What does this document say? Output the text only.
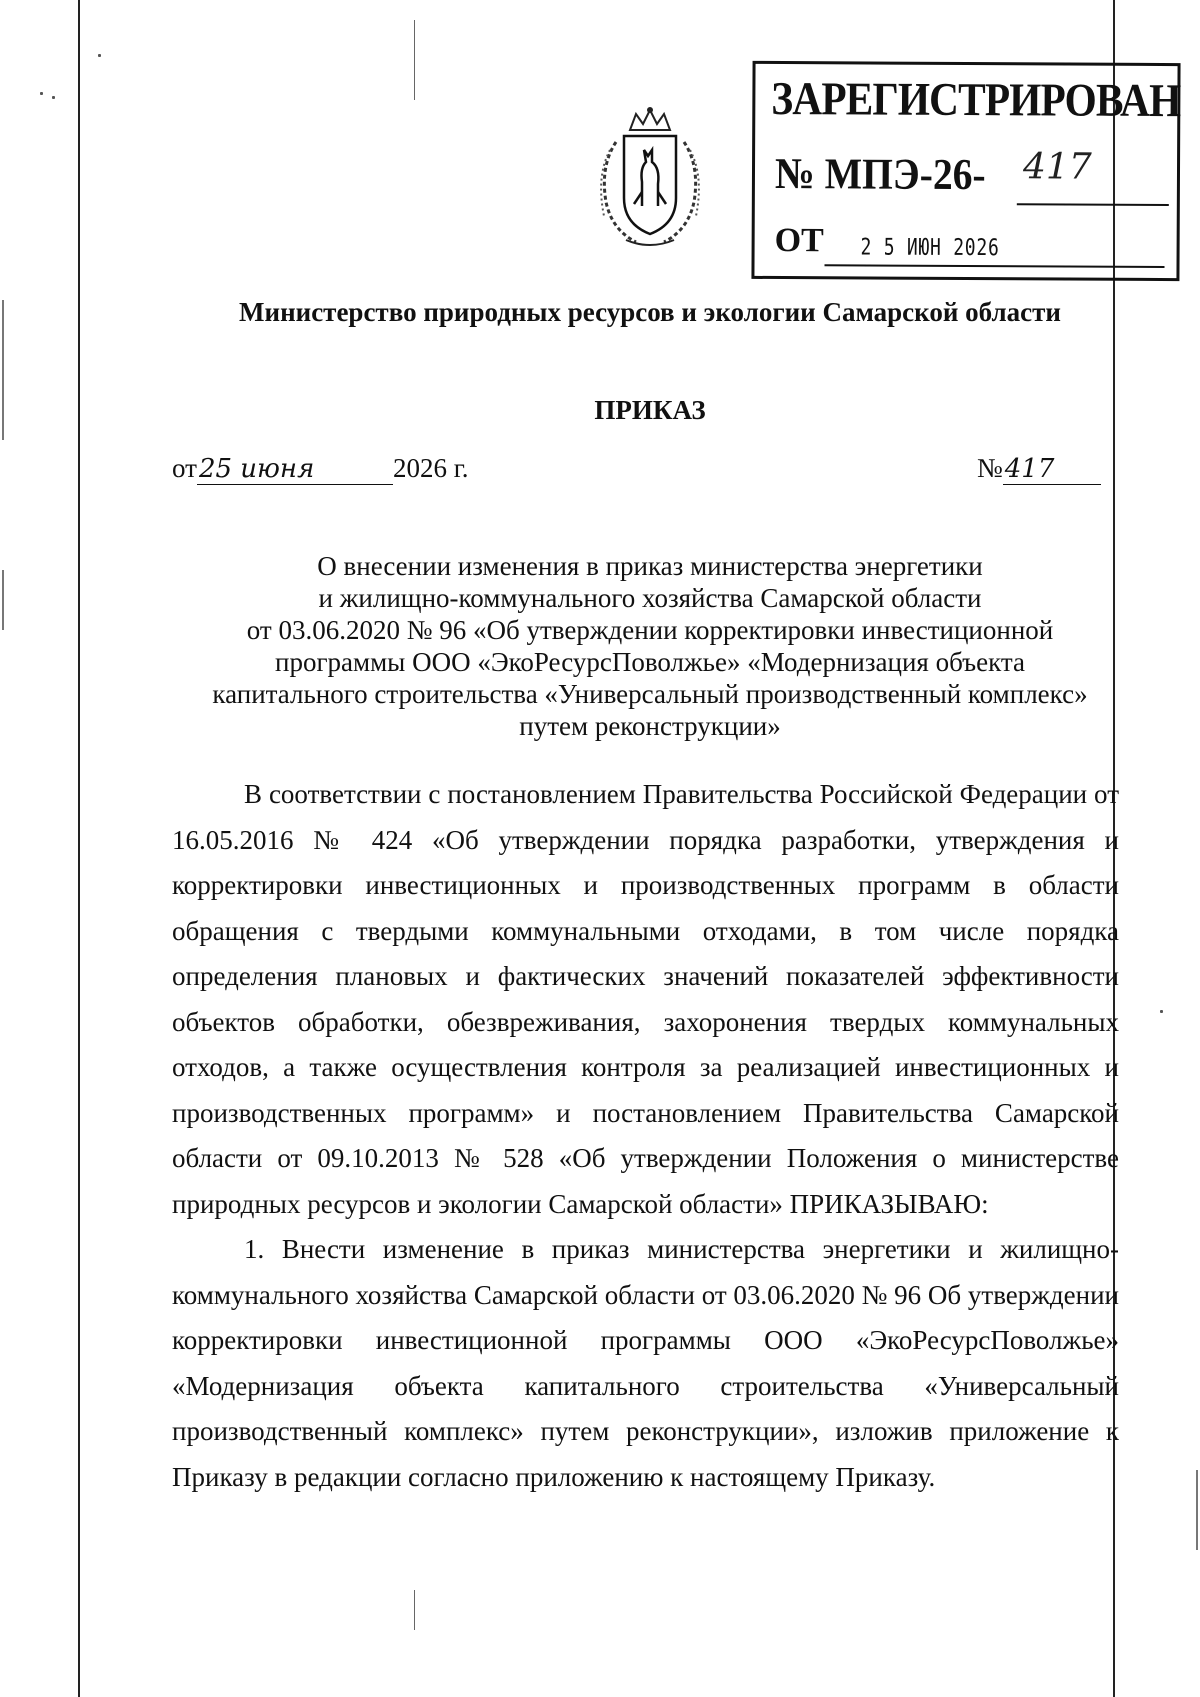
ЗАРЕГИСТРИРОВАН
№ МПЭ-26- 417
ОТ 2 5 ИЮН 2026
Министерство природных ресурсов и экологии Самарской области
ПРИКАЗ
от25 июня	2026 г.	№417
О внесении изменения в приказ министерства энергетики
и жилищно-коммунального хозяйства Самарской области
от 03.06.2020 № 96 «Об утверждении корректировки инвестиционной
программы ООО «ЭкоРесурсПоволжье» «Модернизация объекта
капитального строительства «Универсальный производственный комплекс»
путем реконструкции»

В соответствии с постановлением Правительства Российской Федерации от 16.05.2016 № 424 «Об утверждении порядка разработки, утверждения и корректировки инвестиционных и производственных программ в области обращения с твердыми коммунальными отходами, в том числе порядка определения плановых и фактических значений показателей эффективности объектов обработки, обезвреживания, захоронения твердых коммунальных отходов, а также осуществления контроля за реализацией инвестиционных и производственных программ» и постановлением Правительства Самарской области от 09.10.2013 № 528 «Об утверждении Положения о министерстве природных ресурсов и экологии Самарской области» ПРИКАЗЫВАЮ:

1. Внести изменение в приказ министерства энергетики и жилищно-коммунального хозяйства Самарской области от 03.06.2020 № 96 Об утверждении корректировки инвестиционной программы ООО «ЭкоРесурсПоволжье» «Модернизация объекта капитального строительства «Универсальный производственный комплекс» путем реконструкции», изложив приложение к Приказу в редакции согласно приложению к настоящему Приказу.
